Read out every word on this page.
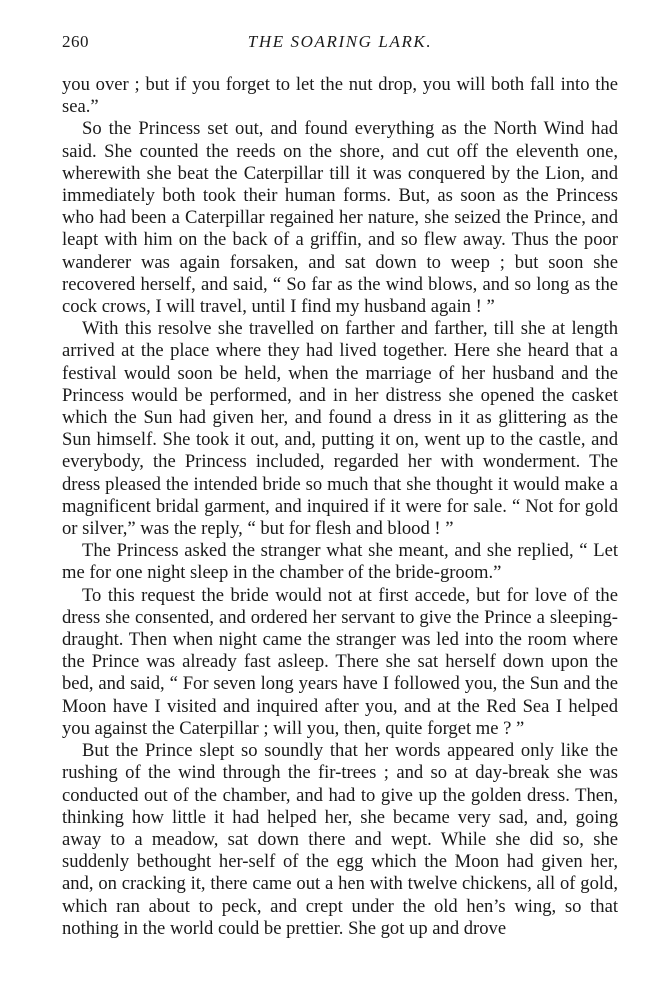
260	THE SOARING LARK.

you over ; but if you forget to let the nut drop, you will both fall into the sea.”

So the Princess set out, and found everything as the North Wind had said. She counted the reeds on the shore, and cut off the eleventh one, wherewith she beat the Caterpillar till it was conquered by the Lion, and immediately both took their human forms. But, as soon as the Princess who had been a Caterpillar regained her nature, she seized the Prince, and leapt with him on the back of a griffin, and so flew away. Thus the poor wanderer was again forsaken, and sat down to weep ; but soon she recovered herself, and said, “ So far as the wind blows, and so long as the cock crows, I will travel, until I find my husband again ! ”

With this resolve she travelled on farther and farther, till she at length arrived at the place where they had lived together. Here she heard that a festival would soon be held, when the marriage of her husband and the Princess would be performed, and in her distress she opened the casket which the Sun had given her, and found a dress in it as glittering as the Sun himself. She took it out, and, putting it on, went up to the castle, and everybody, the Princess included, regarded her with wonderment. The dress pleased the intended bride so much that she thought it would make a magnificent bridal garment, and inquired if it were for sale. “ Not for gold or silver,” was the reply, “ but for flesh and blood ! ”

The Princess asked the stranger what she meant, and she replied, “ Let me for one night sleep in the chamber of the bride-groom.”

To this request the bride would not at first accede, but for love of the dress she consented, and ordered her servant to give the Prince a sleeping-draught. Then when night came the stranger was led into the room where the Prince was already fast asleep. There she sat herself down upon the bed, and said, “ For seven long years have I followed you, the Sun and the Moon have I visited and inquired after you, and at the Red Sea I helped you against the Caterpillar ; will you, then, quite forget me ? ”

But the Prince slept so soundly that her words appeared only like the rushing of the wind through the fir-trees ; and so at day-break she was conducted out of the chamber, and had to give up the golden dress. Then, thinking how little it had helped her, she became very sad, and, going away to a meadow, sat down there and wept. While she did so, she suddenly bethought her-self of the egg which the Moon had given her, and, on cracking it, there came out a hen with twelve chickens, all of gold, which ran about to peck, and crept under the old hen’s wing, so that nothing in the world could be prettier. She got up and drove
